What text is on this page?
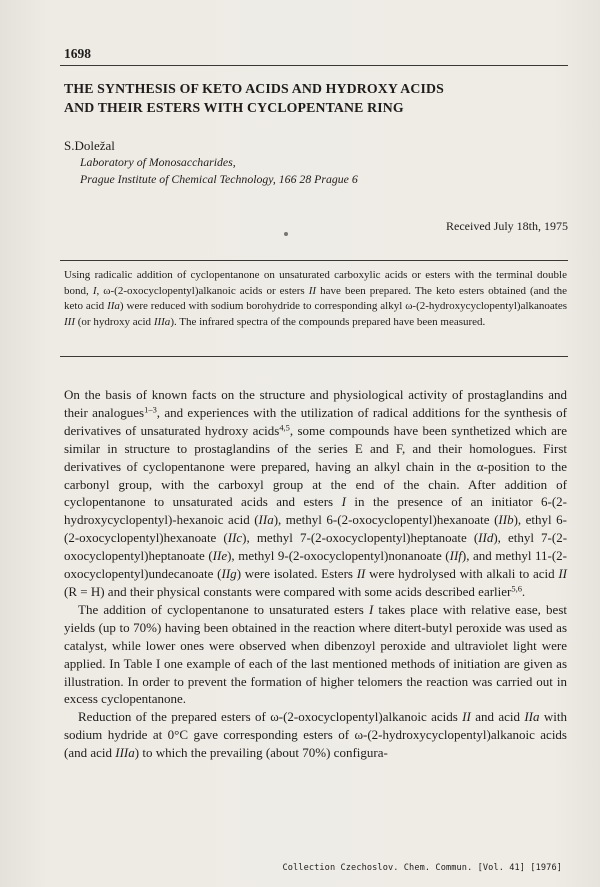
1698
THE SYNTHESIS OF KETO ACIDS AND HYDROXY ACIDS
AND THEIR ESTERS WITH CYCLOPENTANE RING
S.Doležal
Laboratory of Monosaccharides,
Prague Institute of Chemical Technology, 166 28 Prague 6
Received July 18th, 1975
Using radicalic addition of cyclopentanone on unsaturated carboxylic acids or esters with the terminal double bond, I, ω-(2-oxocyclopentyl)alkanoic acids or esters II have been prepared. The keto esters obtained (and the keto acid IIa) were reduced with sodium borohydride to corresponding alkyl ω-(2-hydroxycyclopentyl)alkanoates III (or hydroxy acid IIIa). The infrared spectra of the compounds prepared have been measured.

On the basis of known facts on the structure and physiological activity of prostaglandins and their analogues$^{1-3}$, and experiences with the utilization of radical additions for the synthesis of derivatives of unsaturated hydroxy acids$^{4,5}$, some compounds have been synthetized which are similar in structure to prostaglandins of the series E and F, and their homologues. First derivatives of cyclopentanone were prepared, having an alkyl chain in the α-position to the carbonyl group, with the carboxyl group at the end of the chain. After addition of cyclopentanone to unsaturated acids and esters I in the presence of an initiator 6-(2-hydroxycyclopentyl)-hexanoic acid (IIa), methyl 6-(2-oxocyclopentyl)hexanoate (IIb), ethyl 6-(2-oxocyclopentyl)hexanoate (IIc), methyl 7-(2-oxocyclopentyl)heptanoate (IId), ethyl 7-(2-oxocyclopentyl)heptanoate (IIe), methyl 9-(2-oxocyclopentyl)nonanoate (IIf), and methyl 11-(2-oxocyclopentyl)undecanoate (IIg) were isolated. Esters II were hydrolysed with alkali to acid II (R = H) and their physical constants were compared with some acids described earlier$^{5,6}$.

The addition of cyclopentanone to unsaturated esters I takes place with relative ease, best yields (up to 70%) having been obtained in the reaction where ditert-butyl peroxide was used as catalyst, while lower ones were observed when dibenzoyl peroxide and ultraviolet light were applied. In Table I one example of each of the last mentioned methods of initiation are given as illustration. In order to prevent the formation of higher telomers the reaction was carried out in excess cyclopentanone.

Reduction of the prepared esters of ω-(2-oxocyclopentyl)alkanoic acids II and acid IIa with sodium hydride at 0°C gave corresponding esters of ω-(2-hydroxycyclopentyl)alkanoic acids (and acid IIIa) to which the prevailing (about 70%) configura-

Collection Czechoslov. Chem. Commun. [Vol. 41] [1976]
